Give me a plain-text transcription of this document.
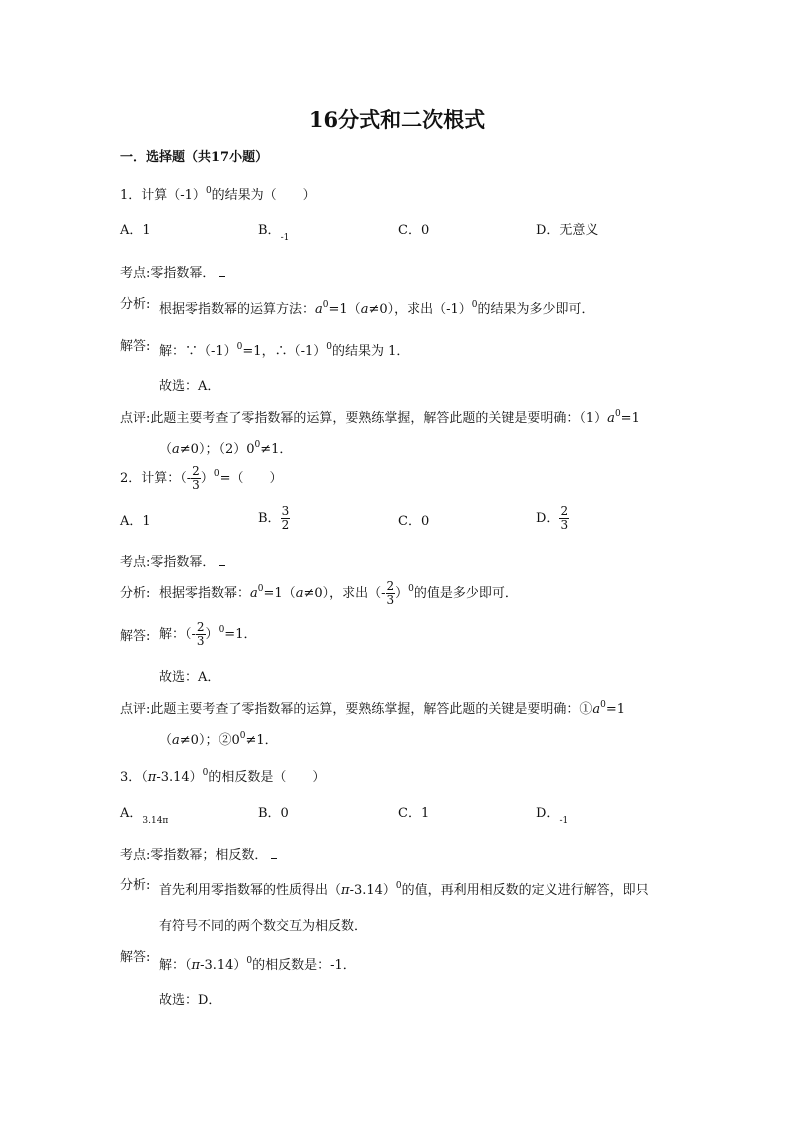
16分式和二次根式
一．选择题（共17小题）
1．计算$(-1)^0$的结果为（　　）
A．1	B．$_{-1}$	C．0	D．无意义
考点:零指数幂．
分析: 根据零指数幂的运算方法：$a^0=1(a\ne 0)$，求出$(-1)^0$的结果为多少即可．
解答: 解：$\because(-1)^0=1$，$\therefore(-1)^0$的结果为 1．
故选：A．
点评:此题主要考查了零指数幂的运算，要熟练掌握，解答此题的关键是要明确：$(1)a^0=1$
（a≠0）；$(2)0^0\ne 1$．
2．计算：（- $\frac{2}{3} )^0=$（　　）
A．1	B． $\frac{3}{2}$	C．0	D． $\frac{2}{3}$
考点:零指数幂．
分析: 根据零指数幂：$a^0=1(a\ne 0)$，求出（- $\frac{2}{3} )^0$的值是多少即可．
解答: 解：（- $\frac{2}{3} )^0=1$．
故选：A．
点评:此题主要考查了零指数幂的运算，要熟练掌握，解答此题的关键是要明确：$①a^0=1$
（a≠0）；$②0^0\ne 1$．
3．$(\pi-3.14)^0$的相反数是（　　）
A．$_{3.14\pi}$	B．0	C．1	D．$_{-1}$
考点:零指数幂；相反数．
分析: 首先利用零指数幂的性质得出$(\pi-3.14)^0$的值，再利用相反数的定义进行解答，即只
有符号不同的两个数交互为相反数．
解答:
解：$(\pi-3.14)^0$的相反数是：-1．
故选：D．
